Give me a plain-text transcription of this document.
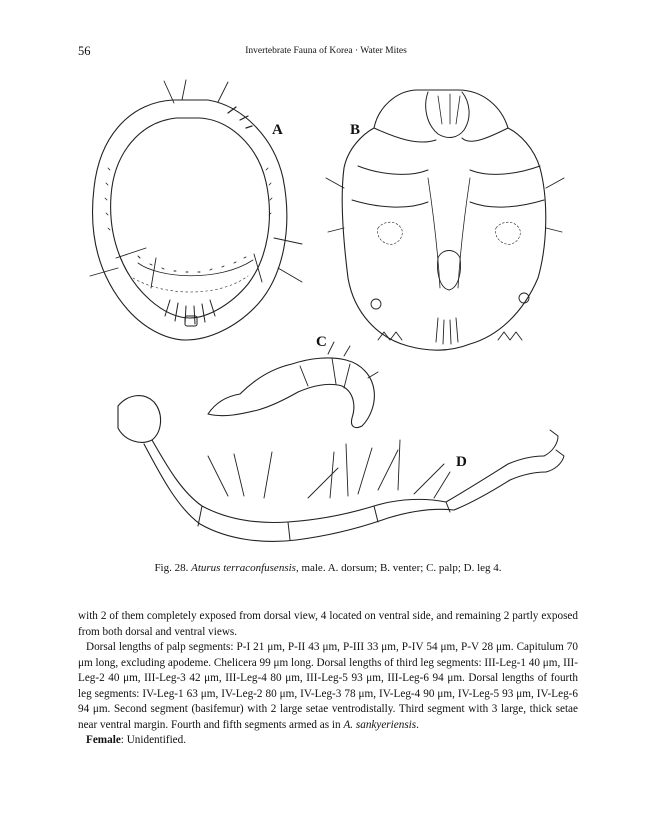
56	Invertebrate Fauna of Korea · Water Mites
A	B
C
D
Fig. 28. Aturus terraconfusensis, male. A. dorsum; B. venter; C. palp; D. leg 4.

with 2 of them completely exposed from dorsal view, 4 located on ventral side, and remaining 2 partly exposed from both dorsal and ventral views.

Dorsal lengths of palp segments: P-I 21 μm, P-II 43 μm, P-III 33 μm, P-IV 54 μm, P-V 28 μm. Capitulum 70 μm long, excluding apodeme. Chelicera 99 μm long. Dorsal lengths of third leg segments: III-Leg-1 40 μm, III-Leg-2 40 μm, III-Leg-3 42 μm, III-Leg-4 80 μm, III-Leg-5 93 μm, III-Leg-6 94 μm. Dorsal lengths of fourth leg segments: IV-Leg-1 63 μm, IV-Leg-2 80 μm, IV-Leg-3 78 μm, IV-Leg-4 90 μm, IV-Leg-5 93 μm, IV-Leg-6 94 μm. Second segment (basifemur) with 2 large setae ventrodistally. Third segment with 3 large, thick setae near ventral margin. Fourth and fifth segments armed as in A. sankyeriensis.

Female: Unidentified.
